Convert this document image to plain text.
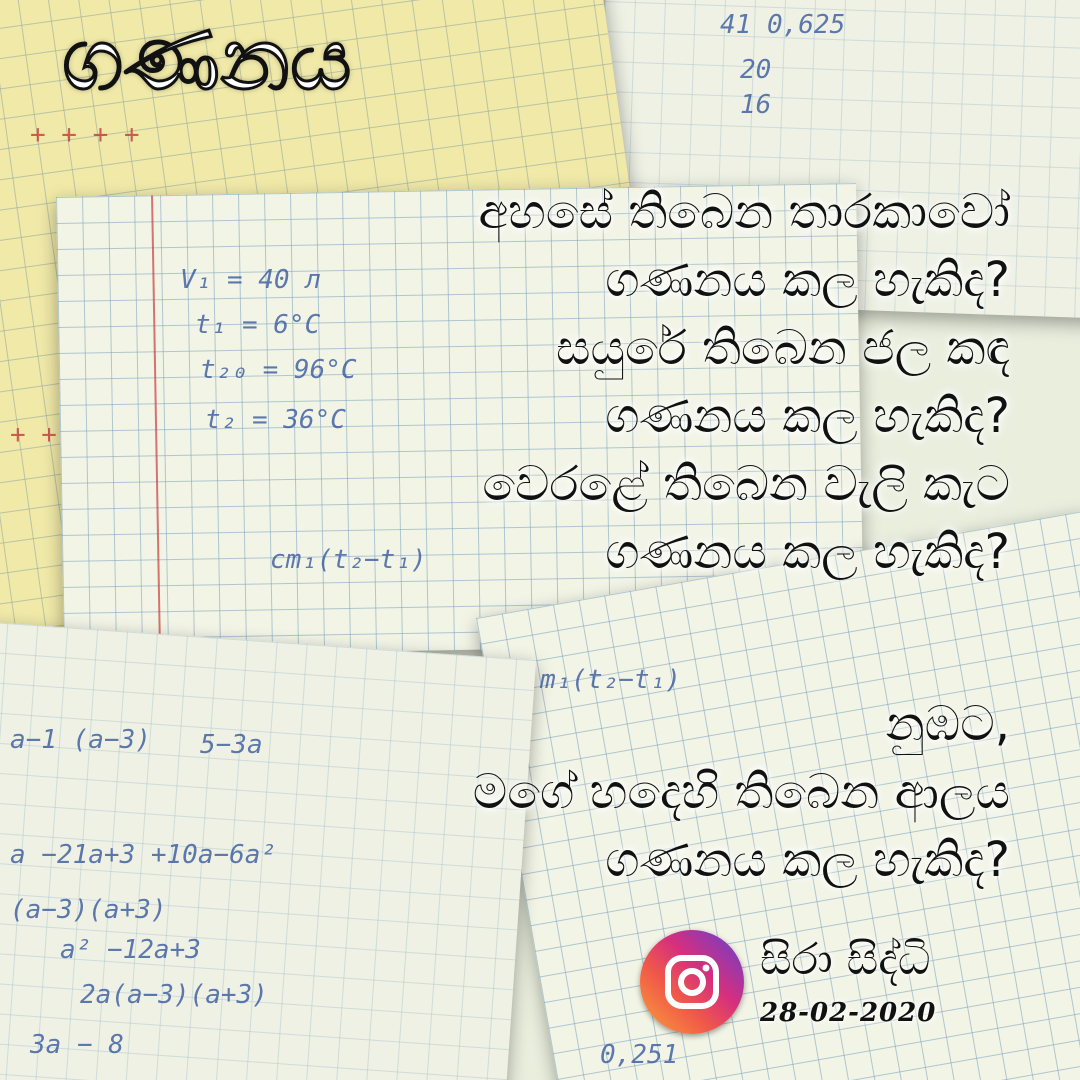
V₁ = 40 л
t₁ = 6°C
t₂₀ = 96°C
t₂ = 36°C
cm₁(t₂−t₁)
m₁(t₂−t₁)
41 0,625
20
16
a−1 (a−3) 5−3a
a −21a+3 +10a−6a²
(a−3)(a+3)
a² −12a+3
2a(a−3)(a+3)
3a − 8	0,251
+ + + +
+ +
ගණනය
අහසේ තිබෙන තාරකාවෝ
ගණනය කල හැකිද?
සයුරේ තිබෙන ජල කඳ
ගණනය කල හැකිද?
වෙරළේ තිබෙන වැලි කැට
ගණනය කල හැකිද?
නුඹට,
මගේ හදෙහි තිබෙන ආලය
ගණනය කල හැකිද?
සිරා සිද්ධි
28-02-2020
